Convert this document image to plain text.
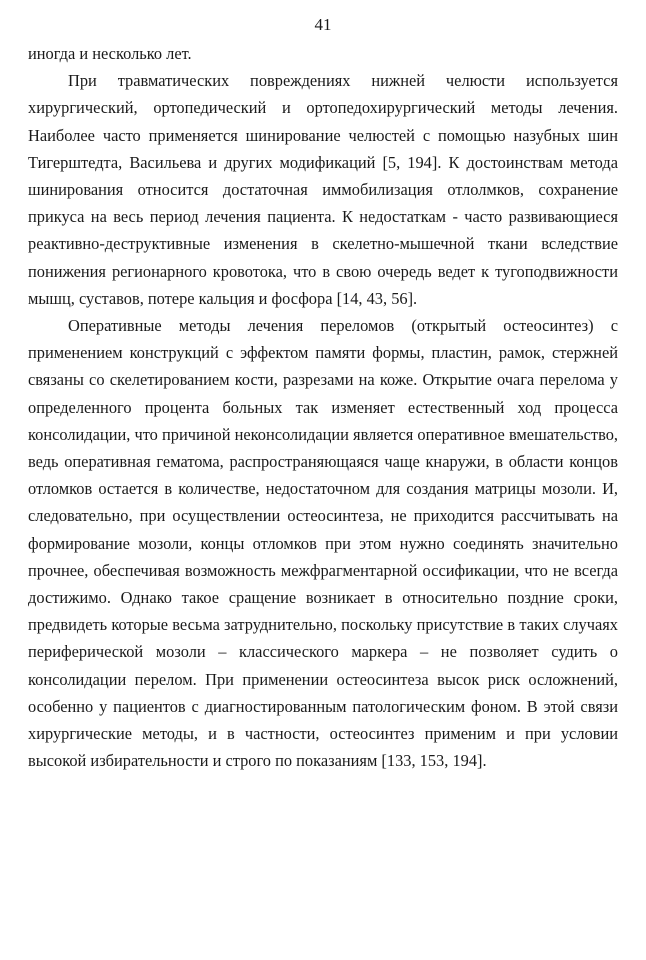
41

иногда и несколько лет.

При травматических повреждениях нижней челюсти используется хирургический, ортопедический и ортопедохирургический методы лечения. Наиболее часто применяется шинирование челюстей с помощью назубных шин Тигерштедта, Васильева и других модификаций [5, 194]. К достоинствам метода шинирования относится достаточная иммобилизация отлолмков, сохранение прикуса на весь период лечения пациента. К недостаткам - часто развивающиеся реактивно-деструктивные изменения в скелетно-мышечной ткани вследствие понижения регионарного кровотока, что в свою очередь ведет к тугоподвижности мышц, суставов, потере кальция и фосфора [14, 43, 56].

Оперативные методы лечения переломов (открытый остеосинтез) с применением конструкций с эффектом памяти формы, пластин, рамок, стержней связаны со скелетированием кости, разрезами на коже. Открытие очага перелома у определенного процента больных так изменяет естественный ход процесса консолидации, что причиной неконсолидации является оперативное вмешательство, ведь оперативная гематома, распространяющаяся чаще кнаружи, в области концов отломков остается в количестве, недостаточном для создания матрицы мозоли. И, следовательно, при осуществлении остеосинтеза, не приходится рассчитывать на формирование мозоли, концы отломков при этом нужно соединять значительно прочнее, обеспечивая возможность межфрагментарной оссификации, что не всегда достижимо. Однако такое сращение возникает в относительно поздние сроки, предвидеть которые весьма затруднительно, поскольку присутствие в таких случаях периферической мозоли – классического маркера – не позволяет судить о консолидации перелом. При применении остеосинтеза высок риск осложнений, особенно у пациентов с диагностированным патологическим фоном. В этой связи хирургические методы, и в частности, остеосинтез применим и при условии высокой избирательности и строго по показаниям [133, 153, 194].
